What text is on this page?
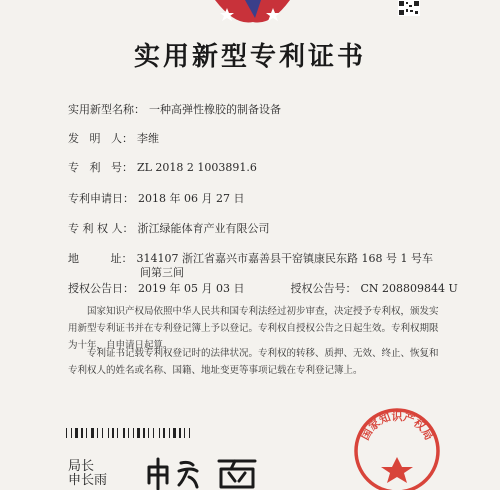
实用新型专利证书
实用新型名称： 一种高弹性橡胶的制备设备
发   明   人： 李维
专   利   号： ZL 2018 2 1003891.6
专利申请日： 2018 年 06 月 27 日
专 利 权 人： 浙江绿能体育产业有限公司
地         址： 314107 浙江省嘉兴市嘉善县干窑镇康民东路 168 号 1 号车
间第三间
授权公告日： 2019 年 05 月 03 日	授权公告号： CN 208809844 U
国家知识产权局依照中华人民共和国专利法经过初步审查，决定授予专利权，颁发实用新型专利证书并在专利登记簿上予以登记。专利权自授权公告之日起生效。专利权期限为十年，自申请日起算。
专利证书记载专利权登记时的法律状况。专利权的转移、质押、无效、终止、恢复和专利权人的姓名或名称、国籍、地址变更等事项记载在专利登记簿上。
局长
申长雨
国家知识产权局
